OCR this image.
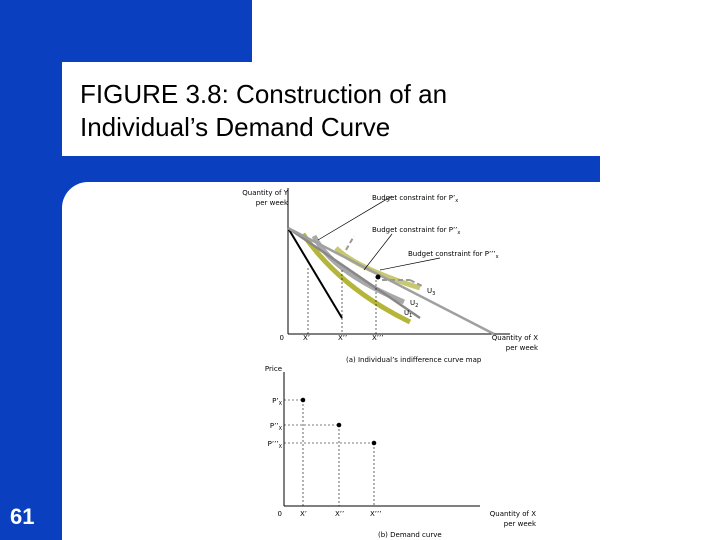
FIGURE 3.8: Construction of an
Individual’s Demand Curve
61
Quantity of Y
per week
Budget constraint for $P’_x$
Budget constraint for $P’’_x$
Budget constraint for $P’’’_x$
$U_3$
$U_2$
$U_1$
0	X’	X’’	X’’’	Quantity of X
per week
(a) Individual’s indifference curve map
Price
$P’_X$
$P’’_X$
$P’’’_X$
0	X’	X’’	X’’’	Quantity of X
per week
(b) Demand curve
